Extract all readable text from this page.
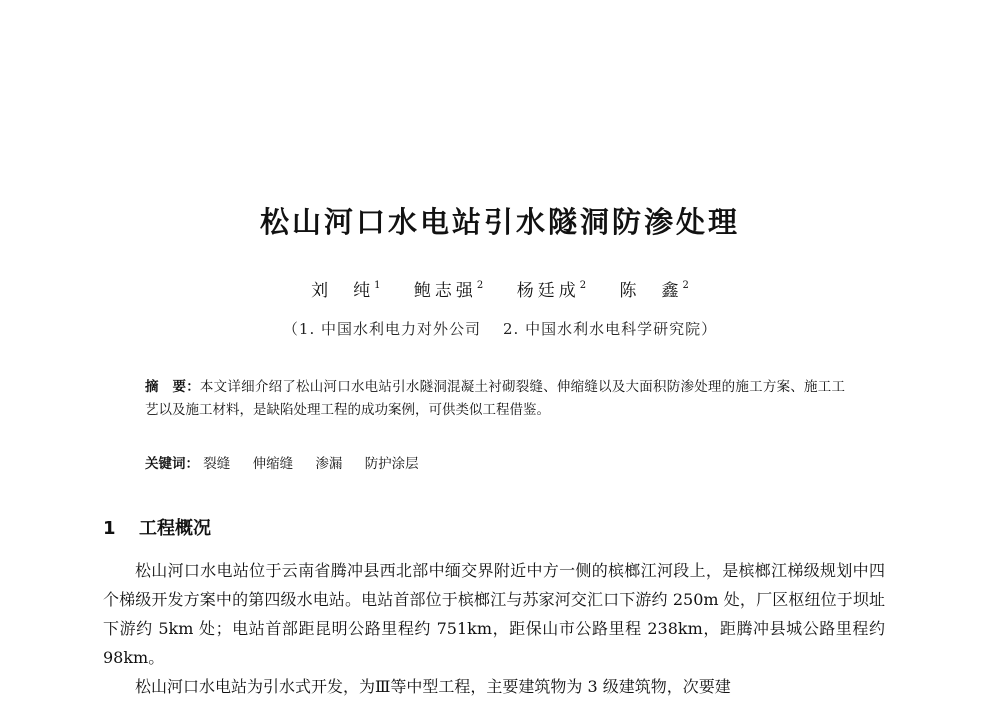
松山河口水电站引水隧洞防渗处理
刘　纯$^1$ 鲍志强$^2$ 杨廷成$^2$ 陈　鑫$^2$
（1. 中国水利电力对外公司 2. 中国水利水电科学研究院）
摘　要：本文详细介绍了松山河口水电站引水隧洞混凝土衬砌裂缝、伸缩缝以及大面积防渗处理的施工方案、施工工艺以及施工材料，是缺陷处理工程的成功案例，可供类似工程借鉴。
关键词： 裂缝 伸缩缝 渗漏 防护涂层
1 工程概况

松山河口水电站位于云南省腾冲县西北部中缅交界附近中方一侧的槟榔江河段上，是槟榔江梯级规划中四个梯级开发方案中的第四级水电站。电站首部位于槟榔江与苏家河交汇口下游约 250m 处，厂区枢纽位于坝址下游约 5km 处；电站首部距昆明公路里程约 751km，距保山市公路里程 238km，距腾冲县城公路里程约 98km。

松山河口水电站为引水式开发，为Ⅲ等中型工程，主要建筑物为 3 级建筑物，次要建
